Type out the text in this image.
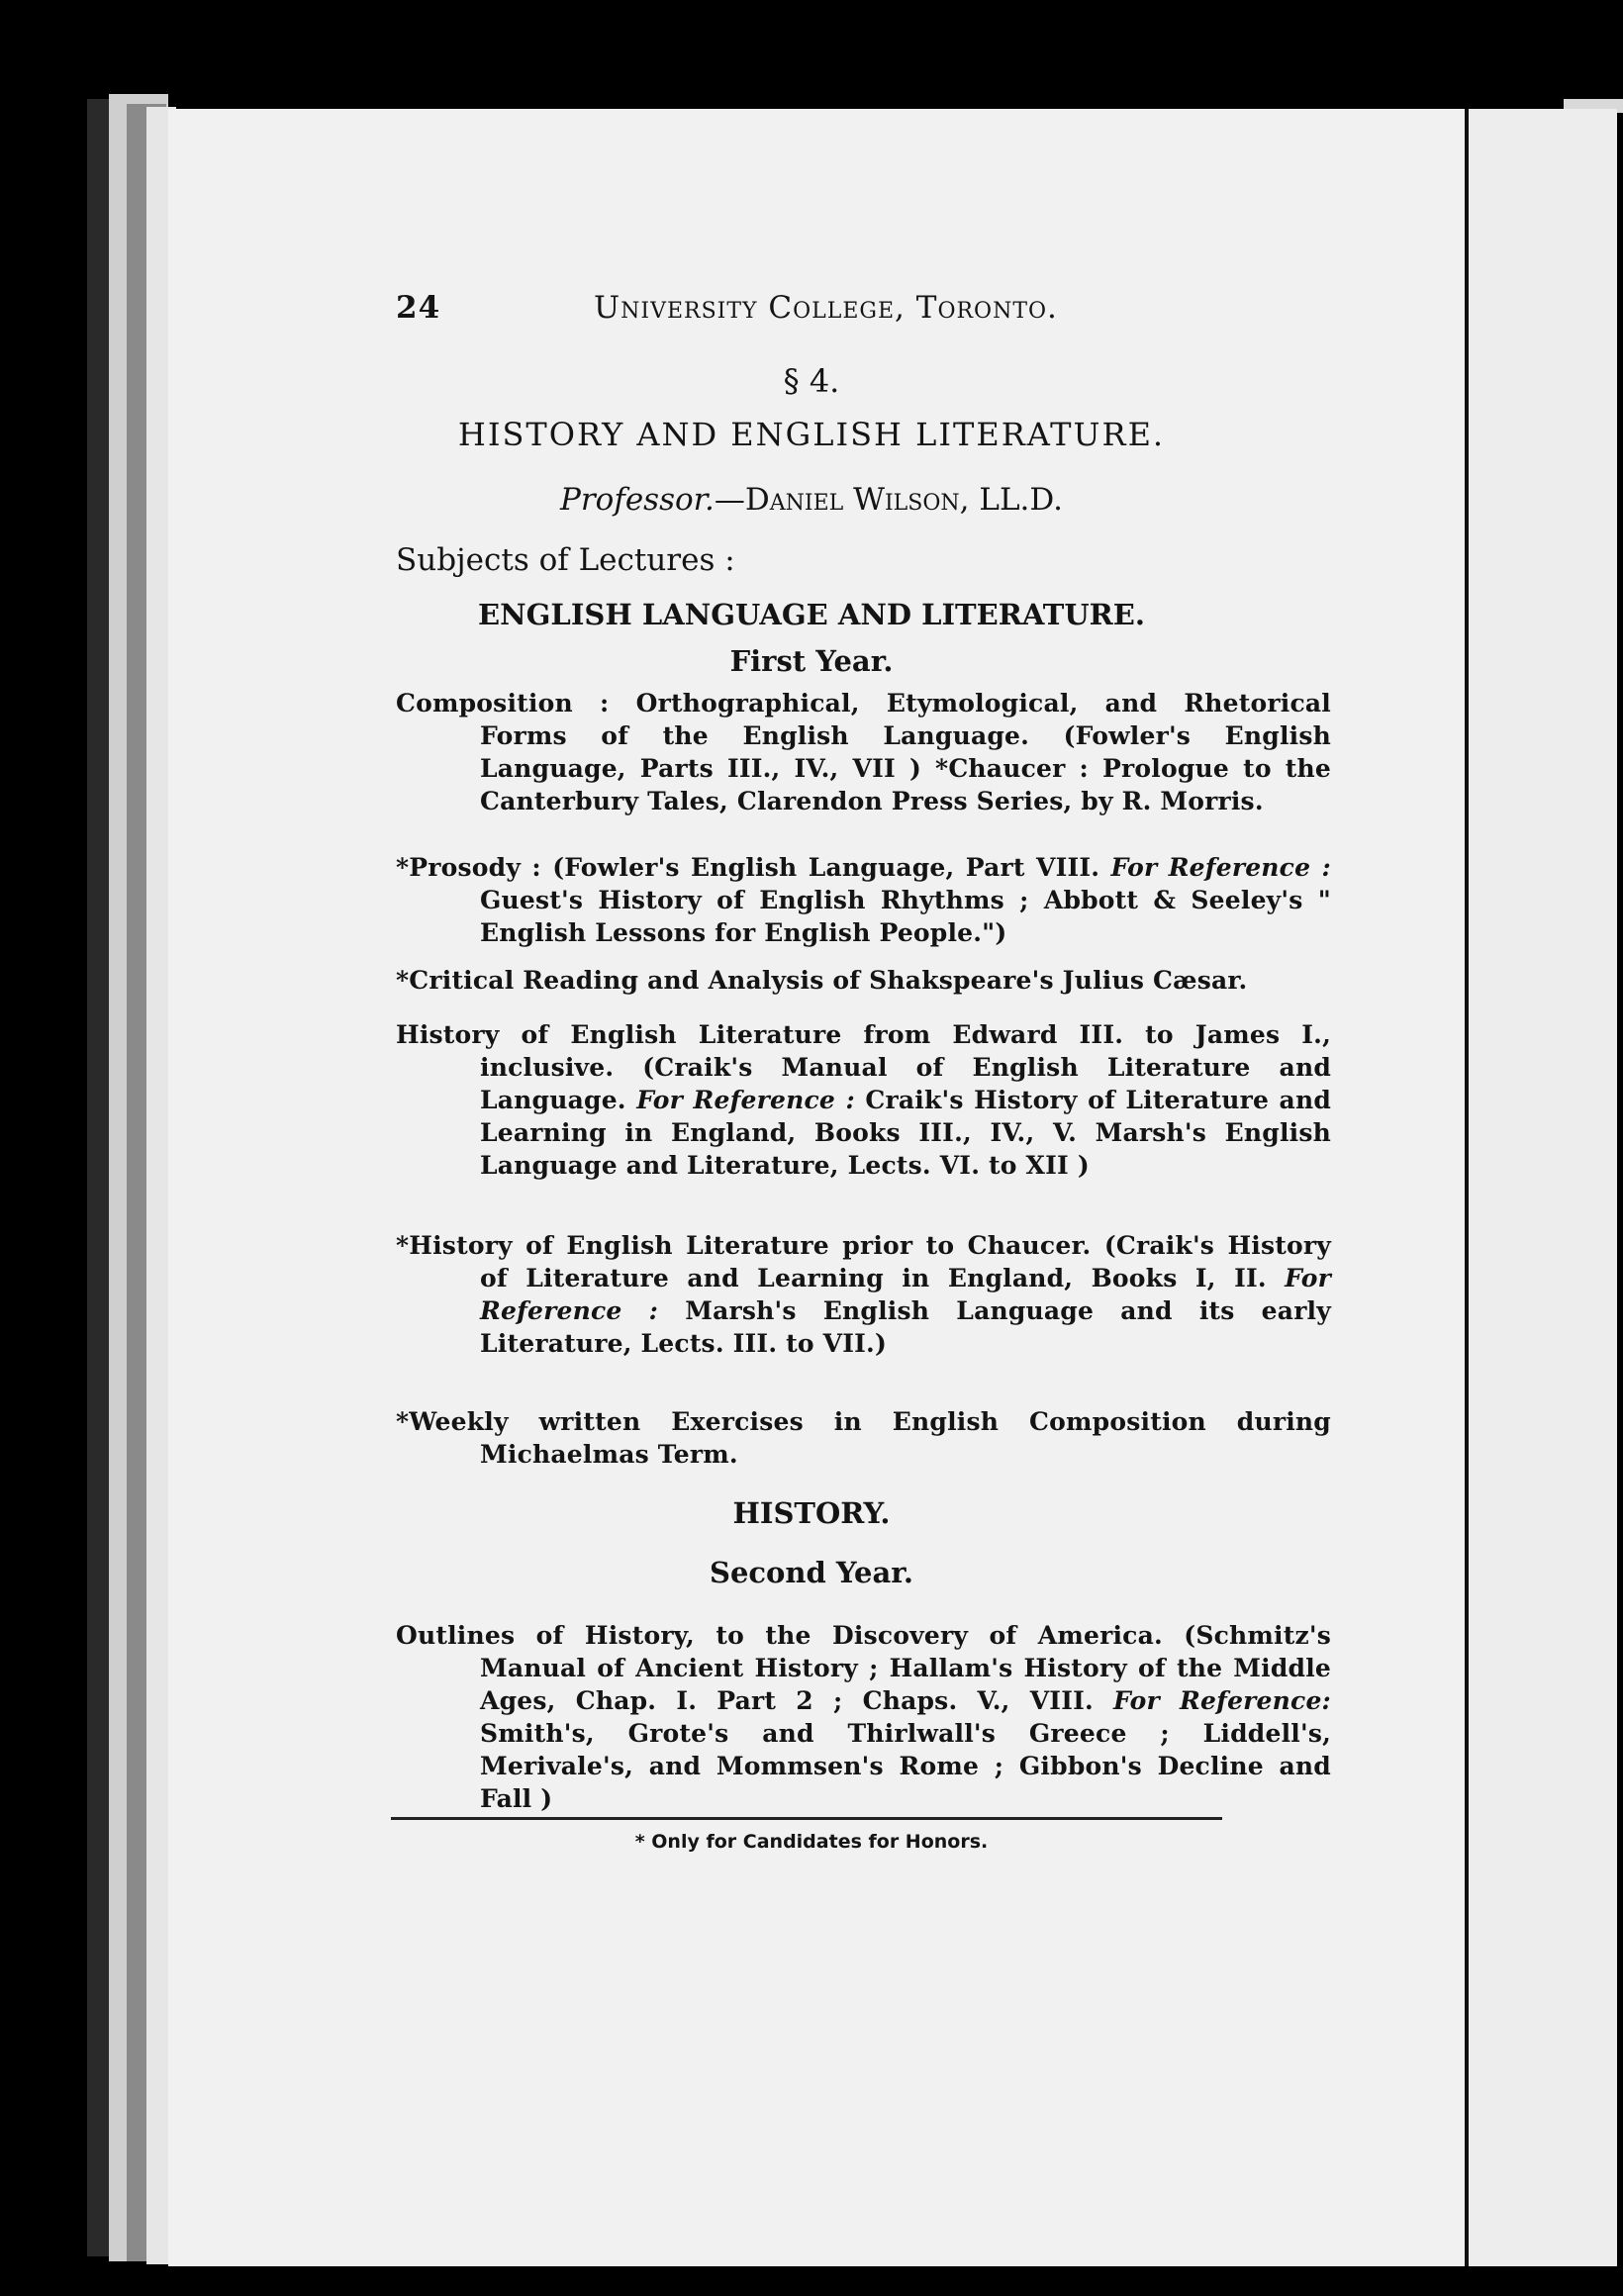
24	University College, Toronto.
§ 4.
HISTORY AND ENGLISH LITERATURE.
Professor.—Daniel Wilson, LL.D.
Subjects of Lectures :
ENGLISH LANGUAGE AND LITERATURE.
First Year.
Composition : Orthographical, Etymological, and Rhetorical Forms of the English Language. (Fowler's English Language, Parts III., IV., VII ) *Chaucer : Prologue to the Canterbury Tales, Clarendon Press Series, by R. Morris.
*Prosody : (Fowler's English Language, Part VIII. For Reference : Guest's History of English Rhythms ; Abbott & Seeley's " English Lessons for English People.")
*Critical Reading and Analysis of Shakspeare's Julius Cæsar.
History of English Literature from Edward III. to James I., inclusive. (Craik's Manual of English Literature and Language. For Reference : Craik's History of Literature and Learning in England, Books III., IV., V. Marsh's English Language and Literature, Lects. VI. to XII )
*History of English Literature prior to Chaucer. (Craik's History of Literature and Learning in England, Books I, II. For Reference : Marsh's English Language and its early Literature, Lects. III. to VII.)
*Weekly written Exercises in English Composition during Michaelmas Term.
HISTORY.
Second Year.
Outlines of History, to the Discovery of America. (Schmitz's Manual of Ancient History ; Hallam's History of the Middle Ages, Chap. I. Part 2 ; Chaps. V., VIII. For Reference: Smith's, Grote's and Thirlwall's Greece ; Liddell's, Merivale's, and Mommsen's Rome ; Gibbon's Decline and Fall )
* Only for Candidates for Honors.
